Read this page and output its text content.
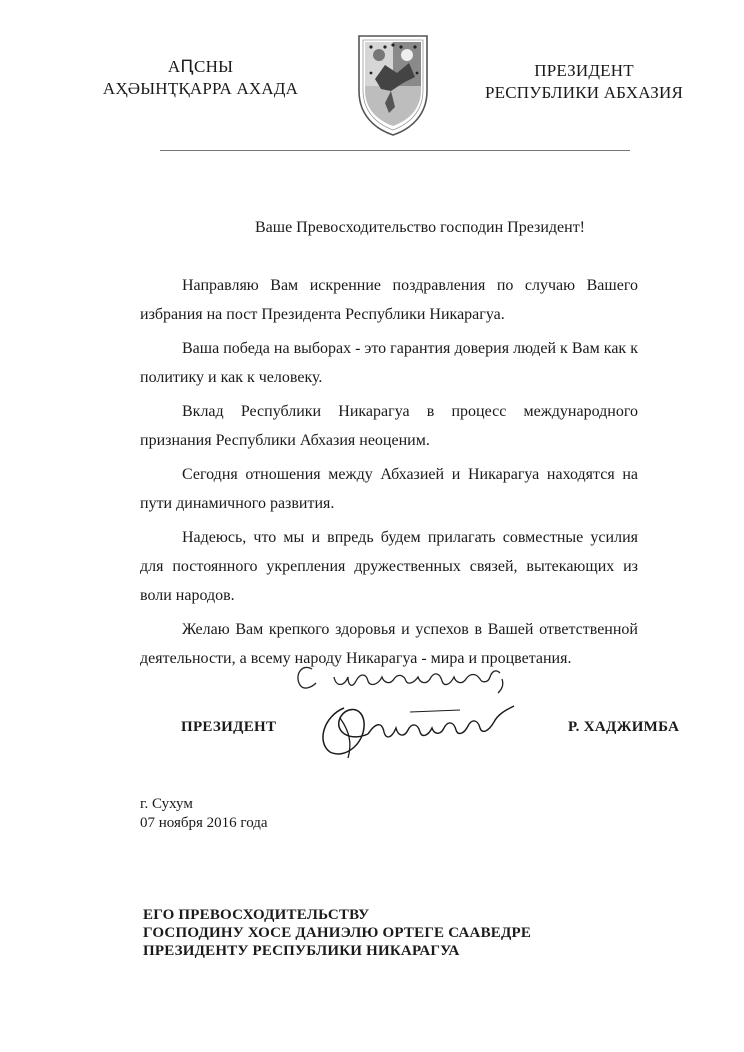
АԤСНЫ
АҲӘЫНҬҚАРРА АХАДА
ПРЕЗИДЕНТ
РЕСПУБЛИКИ АБХАЗИЯ
Ваше Превосходительство господин Президент!

Направляю Вам искренние поздравления по случаю Вашего избрания на пост Президента Республики Никарагуа.

Ваша победа на выборах - это гарантия доверия людей к Вам как к политику и как к человеку.

Вклад Республики Никарагуа в процесс международного признания Республики Абхазия неоценим.

Сегодня отношения между Абхазией и Никарагуа находятся на пути динамичного развития.

Надеюсь, что мы и впредь будем прилагать совместные усилия для постоянного укрепления дружественных связей, вытекающих из воли народов.

Желаю Вам крепкого здоровья и успехов в Вашей ответственной деятельности, а всему народу Никарагуа - мира и процветания.

ПРЕЗИДЕНТ	Р. ХАДЖИМБА
г. Сухум
07 ноября 2016 года
ЕГО ПРЕВОСХОДИТЕЛЬСТВУ
ГОСПОДИНУ ХОСЕ ДАНИЭЛЮ ОРТЕГЕ СААВЕДРЕ
ПРЕЗИДЕНТУ РЕСПУБЛИКИ НИКАРАГУА
